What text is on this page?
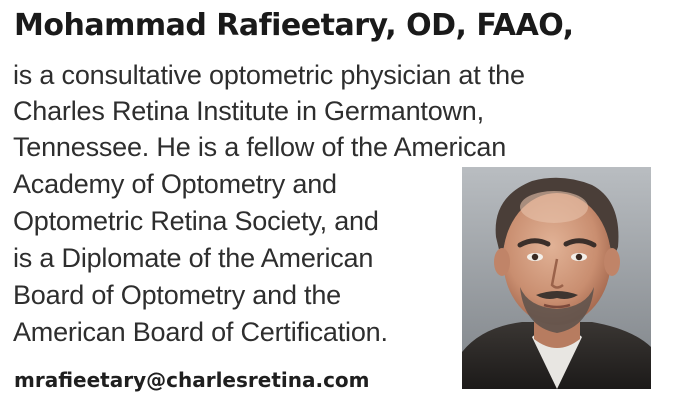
Mohammad Rafieetary, OD, FAAO,

is a consultative optometric physician at the

Charles Retina Institute in Germantown,

Tennessee. He is a fellow of the American

Academy of Optometry and

Optometric Retina Society, and

is a Diplomate of the American

Board of Optometry and the

American Board of Certification.

mrafieetary@charlesretina.com
